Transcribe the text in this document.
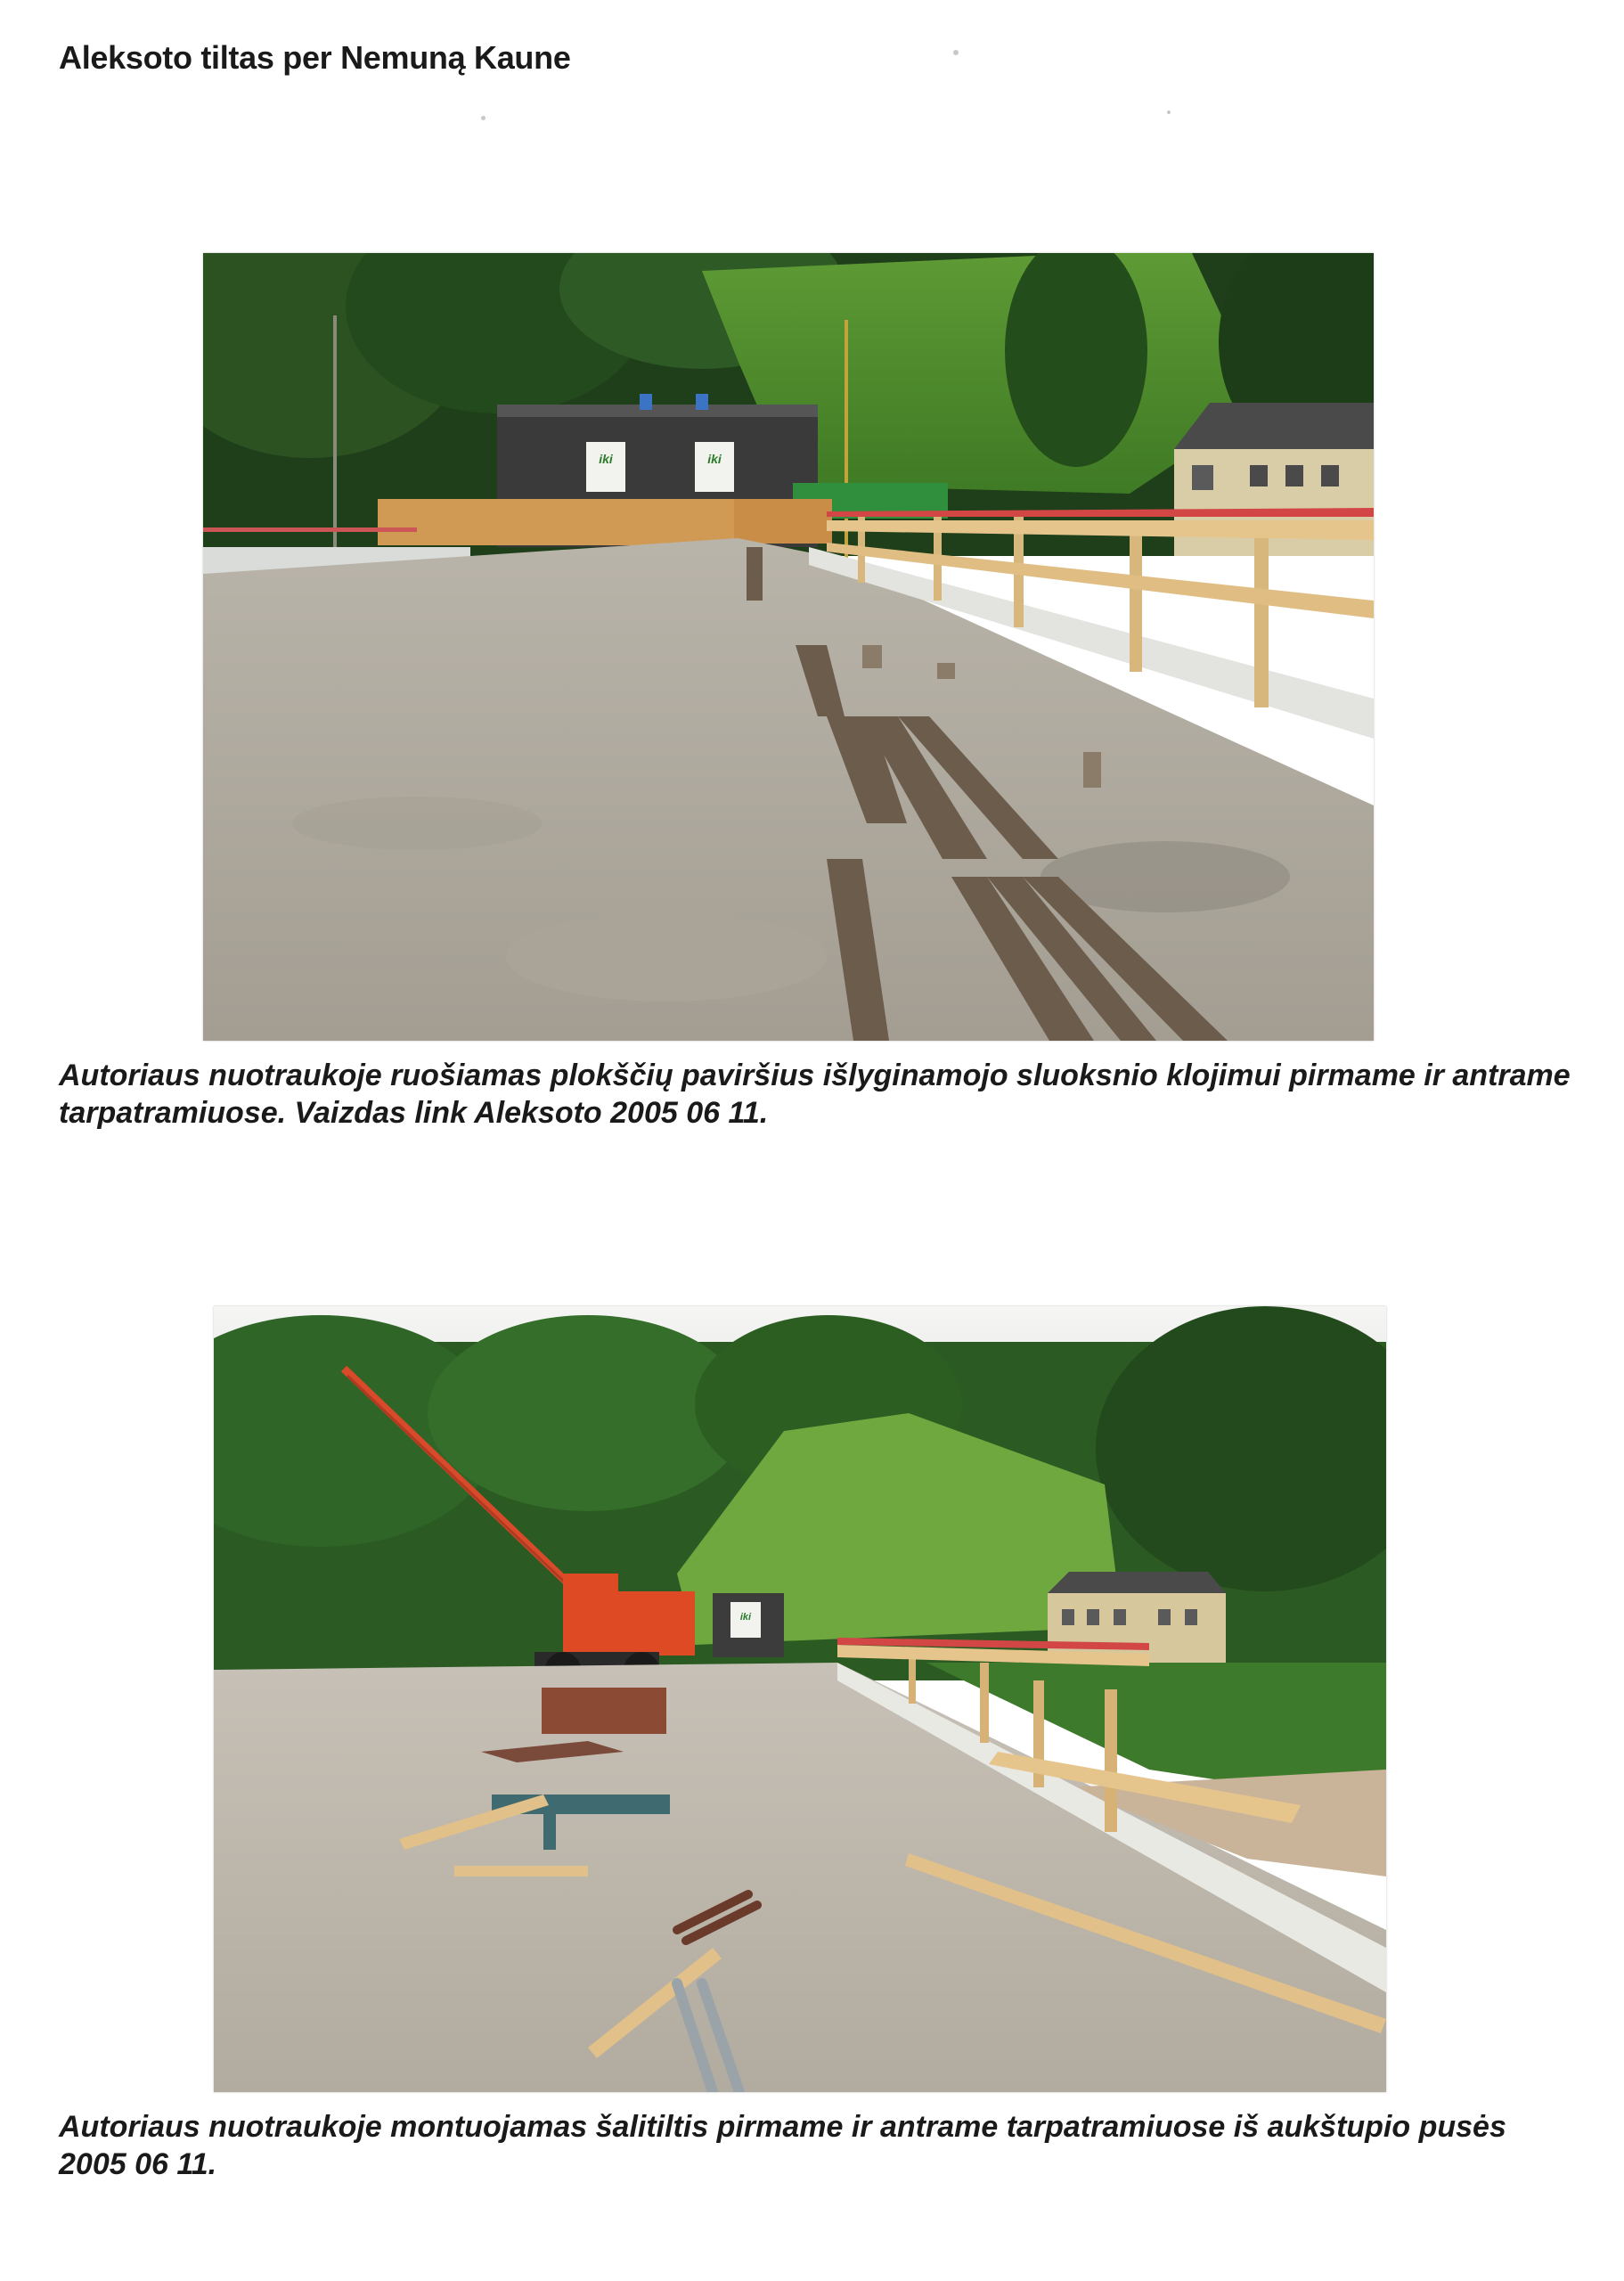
Aleksoto tiltas per Nemuną Kaune
iki	iki
Autoriaus nuotraukoje ruošiamas plokščių paviršius išlyginamojo sluoksnio klojimui pirmame ir antrame tarpatramiuose. Vaizdas link Aleksoto 2005 06 11.
iki
Autoriaus nuotraukoje montuojamas šalitiltis pirmame ir antrame tarpatramiuose iš aukštupio pusės 2005 06 11.
